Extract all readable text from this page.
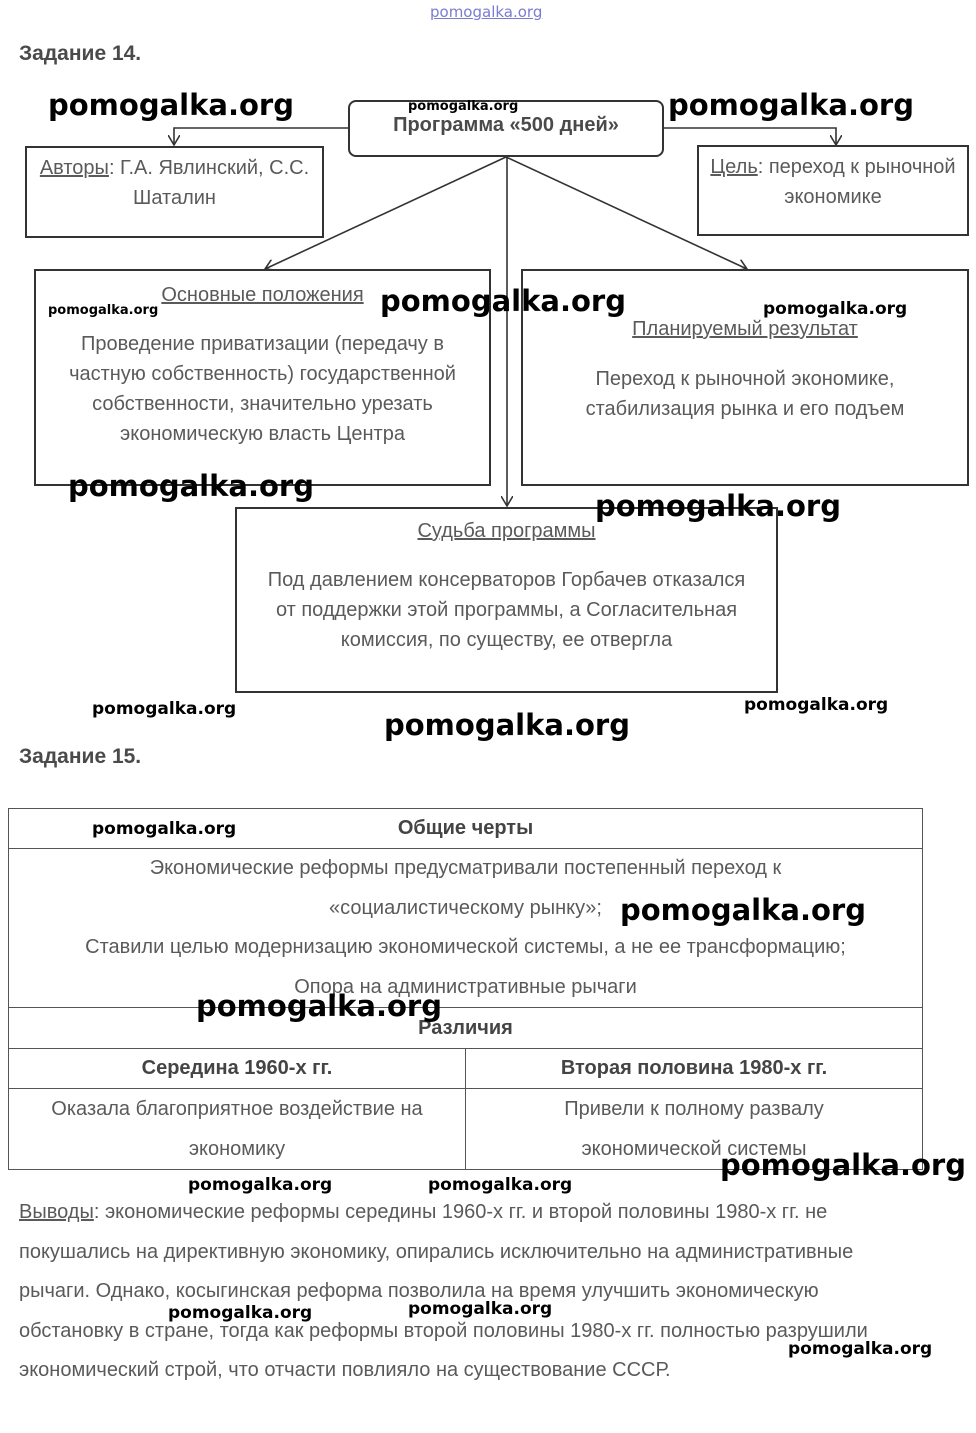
pomogalka.org
Задание 14.
Программа «500 дней»
Авторы: Г.А. Явлинский, С.С. Шаталин
Цель: переход к рыночной экономике
Основные положения
Проведение приватизации (передачу в частную собственность) государственной собственности, значительно урезать экономическую власть Центра
Планируемый результат
Переход к рыночной экономике, стабилизация рынка и его подъем
Судьба программы
Под давлением консерваторов Горбачев отказался от поддержки этой программы, а Согласительная комиссия, по существу, ее отвергла
Задание 15.
Общие черты	

Экономические реформы предусматривали постепенный переход к «социалистическому рынку»;
Ставили целью модернизацию экономической системы, а не ее трансформацию;
Опора на административные рычаги	

Различия	
Середина 1960-х гг.	Вторая половина 1980-х гг.
Оказала благоприятное воздействие на экономику	Привели к полному развалу экономической системы
Выводы: экономические реформы середины 1960-х гг. и второй половины 1980-х гг. не покушались на директивную экономику, опирались исключительно на административные рычаги. Однако, косыгинская реформа позволила на время улучшить экономическую обстановку в стране, тогда как реформы второй половины 1980-х гг. полностью разрушили экономический строй, что отчасти повлияло на существование СССР.
pomogalka.org	pomogalka.org	pomogalka.org
pomogalka.org	pomogalka.org	pomogalka.org
pomogalka.org
pomogalka.org
pomogalka.org	pomogalka.org
pomogalka.org
pomogalka.org
pomogalka.org
pomogalka.org
pomogalka.org
pomogalka.org	pomogalka.org
pomogalka.org	pomogalka.org
pomogalka.org
